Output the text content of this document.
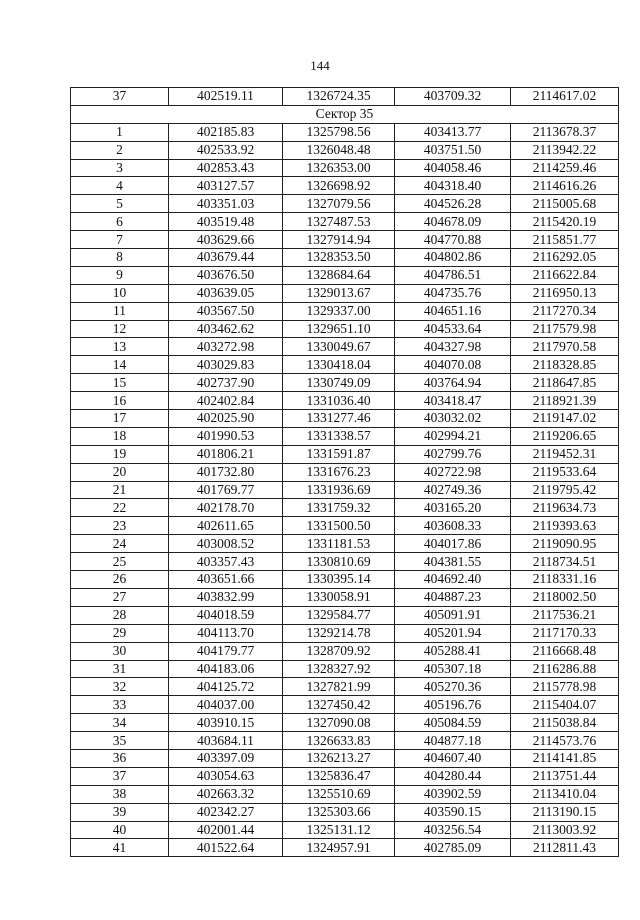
144
37	402519.11	1326724.35	403709.32	2114617.02
Сектор 35				
1	402185.83	1325798.56	403413.77	2113678.37
2	402533.92	1326048.48	403751.50	2113942.22
3	402853.43	1326353.00	404058.46	2114259.46
4	403127.57	1326698.92	404318.40	2114616.26
5	403351.03	1327079.56	404526.28	2115005.68
6	403519.48	1327487.53	404678.09	2115420.19
7	403629.66	1327914.94	404770.88	2115851.77
8	403679.44	1328353.50	404802.86	2116292.05
9	403676.50	1328684.64	404786.51	2116622.84
10	403639.05	1329013.67	404735.76	2116950.13
11	403567.50	1329337.00	404651.16	2117270.34
12	403462.62	1329651.10	404533.64	2117579.98
13	403272.98	1330049.67	404327.98	2117970.58
14	403029.83	1330418.04	404070.08	2118328.85
15	402737.90	1330749.09	403764.94	2118647.85
16	402402.84	1331036.40	403418.47	2118921.39
17	402025.90	1331277.46	403032.02	2119147.02
18	401990.53	1331338.57	402994.21	2119206.65
19	401806.21	1331591.87	402799.76	2119452.31
20	401732.80	1331676.23	402722.98	2119533.64
21	401769.77	1331936.69	402749.36	2119795.42
22	402178.70	1331759.32	403165.20	2119634.73
23	402611.65	1331500.50	403608.33	2119393.63
24	403008.52	1331181.53	404017.86	2119090.95
25	403357.43	1330810.69	404381.55	2118734.51
26	403651.66	1330395.14	404692.40	2118331.16
27	403832.99	1330058.91	404887.23	2118002.50
28	404018.59	1329584.77	405091.91	2117536.21
29	404113.70	1329214.78	405201.94	2117170.33
30	404179.77	1328709.92	405288.41	2116668.48
31	404183.06	1328327.92	405307.18	2116286.88
32	404125.72	1327821.99	405270.36	2115778.98
33	404037.00	1327450.42	405196.76	2115404.07
34	403910.15	1327090.08	405084.59	2115038.84
35	403684.11	1326633.83	404877.18	2114573.76
36	403397.09	1326213.27	404607.40	2114141.85
37	403054.63	1325836.47	404280.44	2113751.44
38	402663.32	1325510.69	403902.59	2113410.04
39	402342.27	1325303.66	403590.15	2113190.15
40	402001.44	1325131.12	403256.54	2113003.92
41	401522.64	1324957.91	402785.09	2112811.43
